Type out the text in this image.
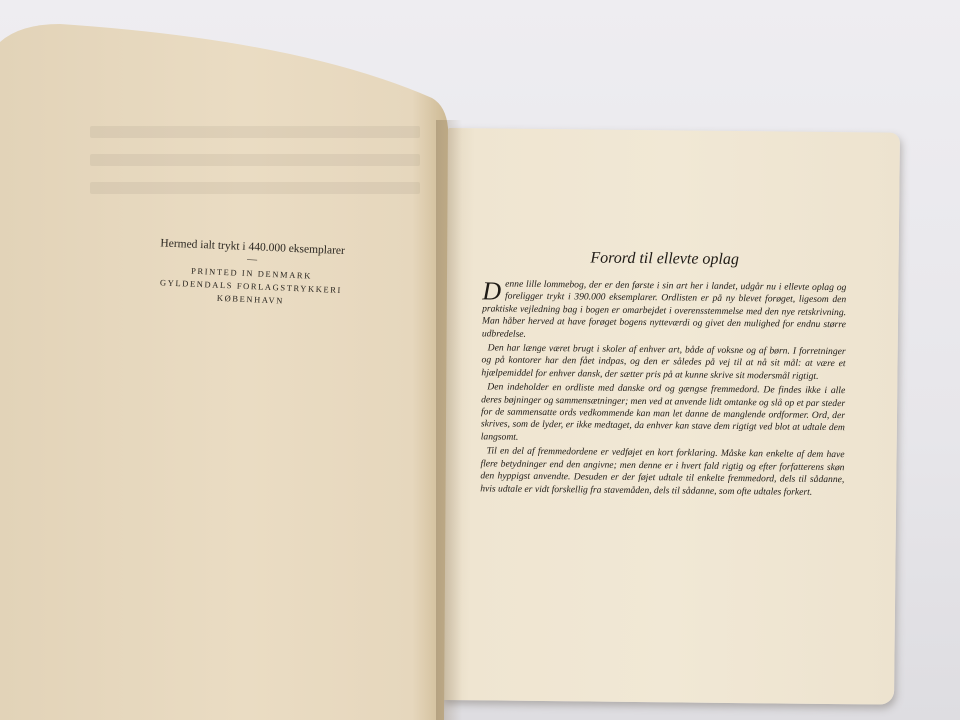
Forord til ellevte oplag

Denne lille lommebog, der er den første i sin art her i landet, udgår nu i ellevte oplag og foreligger trykt i 390.000 eksemplarer. Ordlisten er på ny blevet forøget, ligesom den praktiske vejledning bag i bogen er omarbejdet i overensstemmelse med den nye retskrivning. Man håber herved at have forøget bogens nytteværdi og givet den mulighed for endnu større udbredelse.

Den har længe været brugt i skoler af enhver art, både af voksne og af børn. I forretninger og på kontorer har den fået indpas, og den er således på vej til at nå sit mål: at være et hjælpemiddel for enhver dansk, der sætter pris på at kunne skrive sit modersmål rigtigt.

Den indeholder en ordliste med danske ord og gængse fremmedord. De findes ikke i alle deres bøjninger og sammensætninger; men ved at anvende lidt omtanke og slå op et par steder for de sammensatte ords vedkommende kan man let danne de manglende ordformer. Ord, der skrives, som de lyder, er ikke medtaget, da enhver kan stave dem rigtigt ved blot at udtale dem langsomt.

Til en del af fremmedordene er vedføjet en kort forklaring. Måske kan enkelte af dem have flere betydninger end den angivne; men denne er i hvert fald rigtig og efter forfatterens skøn den hyppigst anvendte. Desuden er der føjet udtale til enkelte fremmedord, dels til sådanne, hvis udtale er vidt forskellig fra stavemåden, dels til sådanne, som ofte udtales forkert.

Hermed ialt trykt i 440.000 eksemplarer
—
PRINTED IN DENMARK
GYLDENDALS FORLAGSTRYKKERI
KØBENHAVN
